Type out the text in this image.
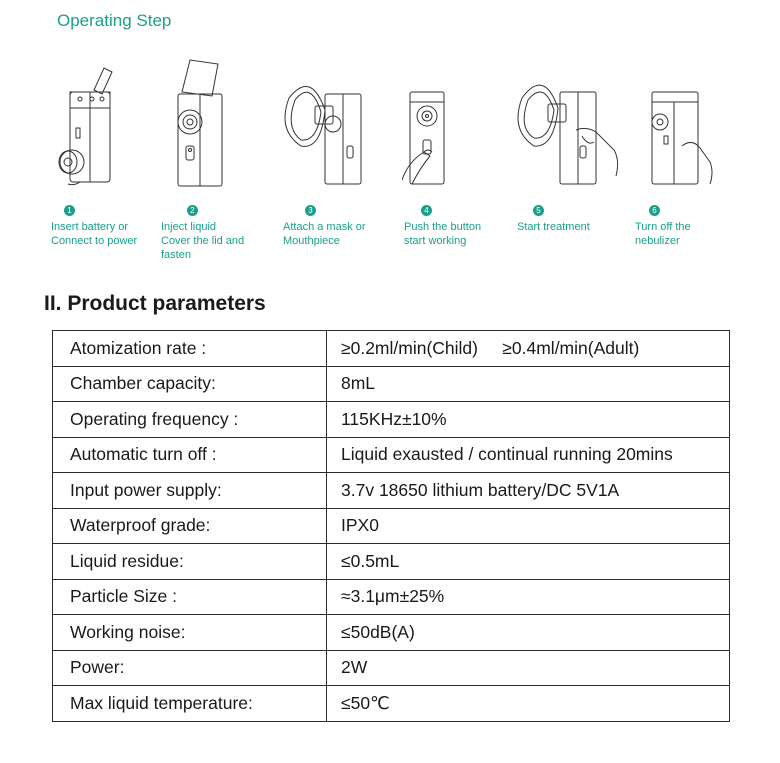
Operating Step
1
Insert battery or
Connect to power
2
Inject liquid
Cover the lid and
fasten
3
Attach a mask or
Mouthpiece
4
Push the button
start working
5
Start treatment
6
Turn off the
nebulizer
II. Product parameters
Atomization rate :	≥0.2ml/min(Child)     ≥0.4ml/min(Adult)
Chamber capacity:	8mL
Operating frequency :	115KHz±10%
Automatic turn off :	Liquid exausted / continual running 20mins
Input power supply:	3.7v 18650 lithium battery/DC 5V1A
Waterproof grade:	IPX0
Liquid residue:	≤0.5mL
Particle Size :	≈3.1μm±25%
Working noise:	≤50dB(A)
Power:	2W
Max liquid temperature:	≤50℃
